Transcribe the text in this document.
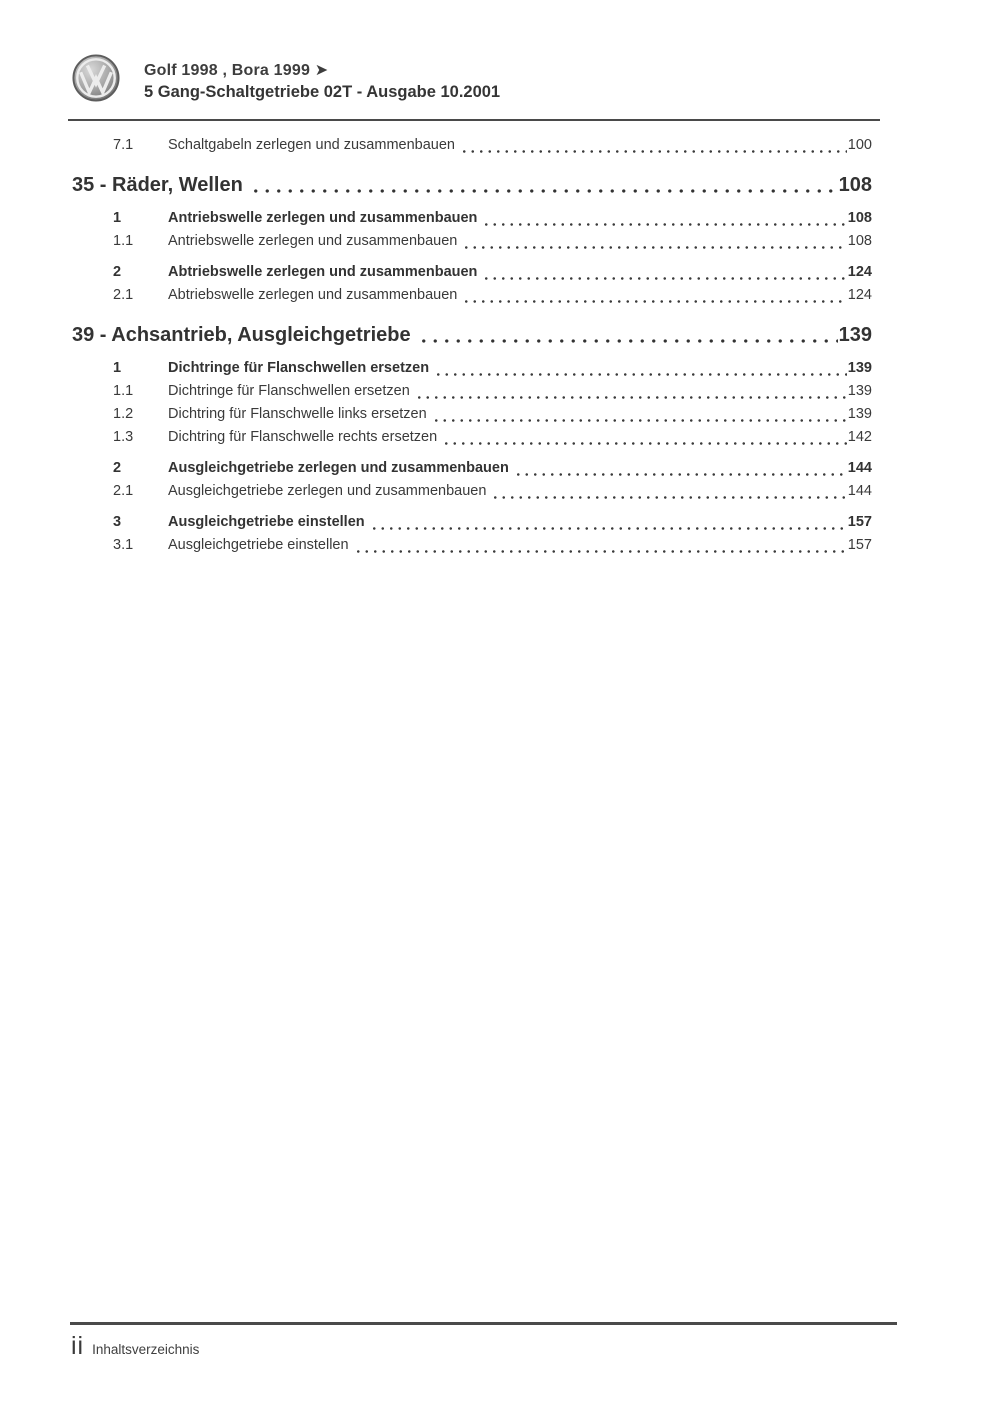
Golf 1998 , Bora 1999 ➤
5 Gang-Schaltgetriebe 02T - Ausgabe 10.2001
7.1	Schaltgabeln zerlegen und zusammenbauen	100
35 - Räder, Wellen	108
1	Antriebswelle zerlegen und zusammenbauen	108
1.1	Antriebswelle zerlegen und zusammenbauen	108
2	Abtriebswelle zerlegen und zusammenbauen	124
2.1	Abtriebswelle zerlegen und zusammenbauen	124
39 - Achsantrieb, Ausgleichgetriebe	139
1	Dichtringe für Flanschwellen ersetzen	139
1.1	Dichtringe für Flanschwellen ersetzen	139
1.2	Dichtring für Flanschwelle links ersetzen	139
1.3	Dichtring für Flanschwelle rechts ersetzen	142
2	Ausgleichgetriebe zerlegen und zusammenbauen	144
2.1	Ausgleichgetriebe zerlegen und zusammenbauen	144
3	Ausgleichgetriebe einstellen	157
3.1	Ausgleichgetriebe einstellen	157
ii Inhaltsverzeichnis
